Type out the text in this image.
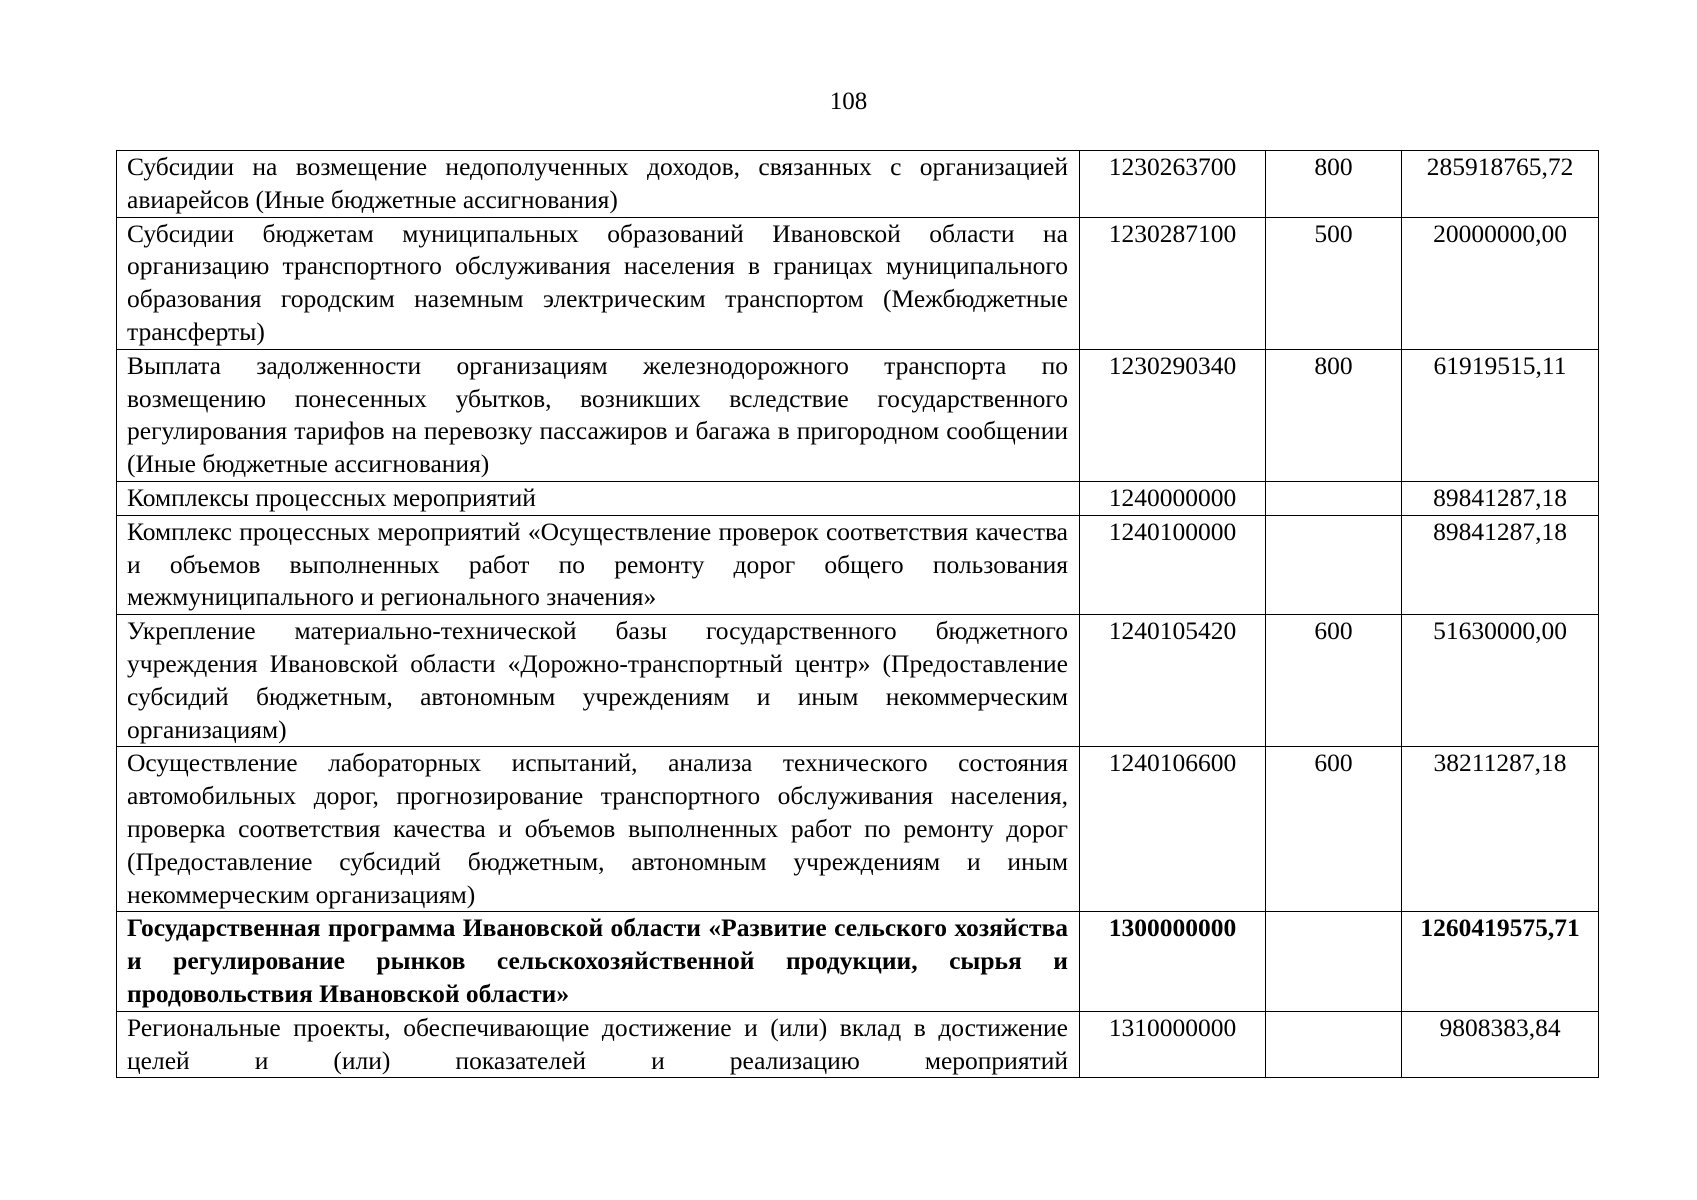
108
Субсидии на возмещение недополученных доходов, связанных с организацией авиарейсов (Иные бюджетные ассигнования)	1230263700	800	285918765,72
Субсидии бюджетам муниципальных образований Ивановской области на организацию транспортного обслуживания населения в границах муниципального образования городским наземным электрическим транспортом (Межбюджетные трансферты)	1230287100	500	20000000,00
Выплата задолженности организациям железнодорожного транспорта по возмещению понесенных убытков, возникших вследствие государственного регулирования тарифов на перевозку пассажиров и багажа в пригородном сообщении (Иные бюджетные ассигнования)	1230290340	800	61919515,11
Комплексы процессных мероприятий	1240000000		89841287,18
Комплекс процессных мероприятий «Осуществление проверок соответствия качества и объемов выполненных работ по ремонту дорог общего пользования межмуниципального и регионального значения»	1240100000		89841287,18
Укрепление материально-технической базы государственного бюджетного учреждения Ивановской области «Дорожно-транспортный центр» (Предоставление субсидий бюджетным, автономным учреждениям и иным некоммерческим организациям)	1240105420	600	51630000,00
Осуществление лабораторных испытаний, анализа технического состояния автомобильных дорог, прогнозирование транспортного обслуживания населения, проверка соответствия качества и объемов выполненных работ по ремонту дорог (Предоставление субсидий бюджетным, автономным учреждениям и иным некоммерческим организациям)	1240106600	600	38211287,18
Государственная программа Ивановской области «Развитие сельского хозяйства и регулирование рынков сельскохозяйственной продукции, сырья и продовольствия Ивановской области»	1300000000		1260419575,71
Региональные проекты, обеспечивающие достижение и (или) вклад в достижение целей и (или) показателей и реализацию мероприятий	1310000000		9808383,84
